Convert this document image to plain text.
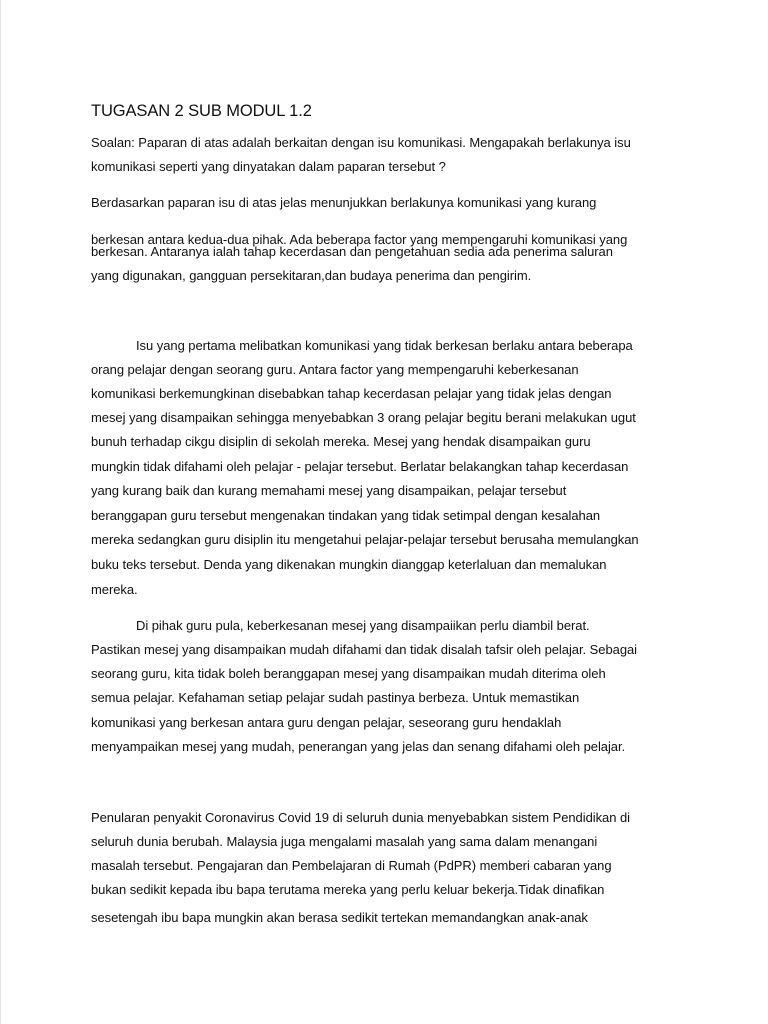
TUGASAN 2 SUB MODUL 1.2
Soalan: Paparan di atas adalah berkaitan dengan isu komunikasi. Mengapakah berlakunya isu
komunikasi seperti yang dinyatakan dalam paparan tersebut ?
Berdasarkan paparan isu di atas jelas menunjukkan berlakunya komunikasi yang kurang
berkesan antara kedua-dua pihak. Ada beberapa factor yang mempengaruhi komunikasi yang
berkesan. Antaranya ialah tahap kecerdasan dan pengetahuan sedia ada penerima saluran
yang digunakan, gangguan persekitaran,dan budaya penerima dan pengirim.
Isu yang pertama melibatkan komunikasi yang tidak berkesan berlaku antara beberapa
orang pelajar dengan seorang guru. Antara factor yang mempengaruhi keberkesanan
komunikasi berkemungkinan disebabkan tahap kecerdasan pelajar yang tidak jelas dengan
mesej yang disampaikan sehingga menyebabkan 3 orang pelajar begitu berani melakukan ugut
bunuh terhadap cikgu disiplin di sekolah mereka. Mesej yang hendak disampaikan guru
mungkin tidak difahami oleh pelajar - pelajar tersebut. Berlatar belakangkan tahap kecerdasan
yang kurang baik dan kurang memahami mesej yang disampaikan, pelajar tersebut
beranggapan guru tersebut mengenakan tindakan yang tidak setimpal dengan kesalahan
mereka sedangkan guru disiplin itu mengetahui pelajar-pelajar tersebut berusaha memulangkan
buku teks tersebut. Denda yang dikenakan mungkin dianggap keterlaluan dan memalukan
mereka.
Di pihak guru pula, keberkesanan mesej yang disampaiikan perlu diambil berat.
Pastikan mesej yang disampaikan mudah difahami dan tidak disalah tafsir oleh pelajar. Sebagai
seorang guru, kita tidak boleh beranggapan mesej yang disampaikan mudah diterima oleh
semua pelajar. Kefahaman setiap pelajar sudah pastinya berbeza. Untuk memastikan
komunikasi yang berkesan antara guru dengan pelajar, seseorang guru hendaklah
menyampaikan mesej yang mudah, penerangan yang jelas dan senang difahami oleh pelajar.
Penularan penyakit Coronavirus Covid 19 di seluruh dunia menyebabkan sistem Pendidikan di
seluruh dunia berubah. Malaysia juga mengalami masalah yang sama dalam menangani
masalah tersebut. Pengajaran dan Pembelajaran di Rumah (PdPR) memberi cabaran yang
bukan sedikit kepada ibu bapa terutama mereka yang perlu keluar bekerja.Tidak dinafikan
sesetengah ibu bapa mungkin akan berasa sedikit tertekan memandangkan anak-anak
